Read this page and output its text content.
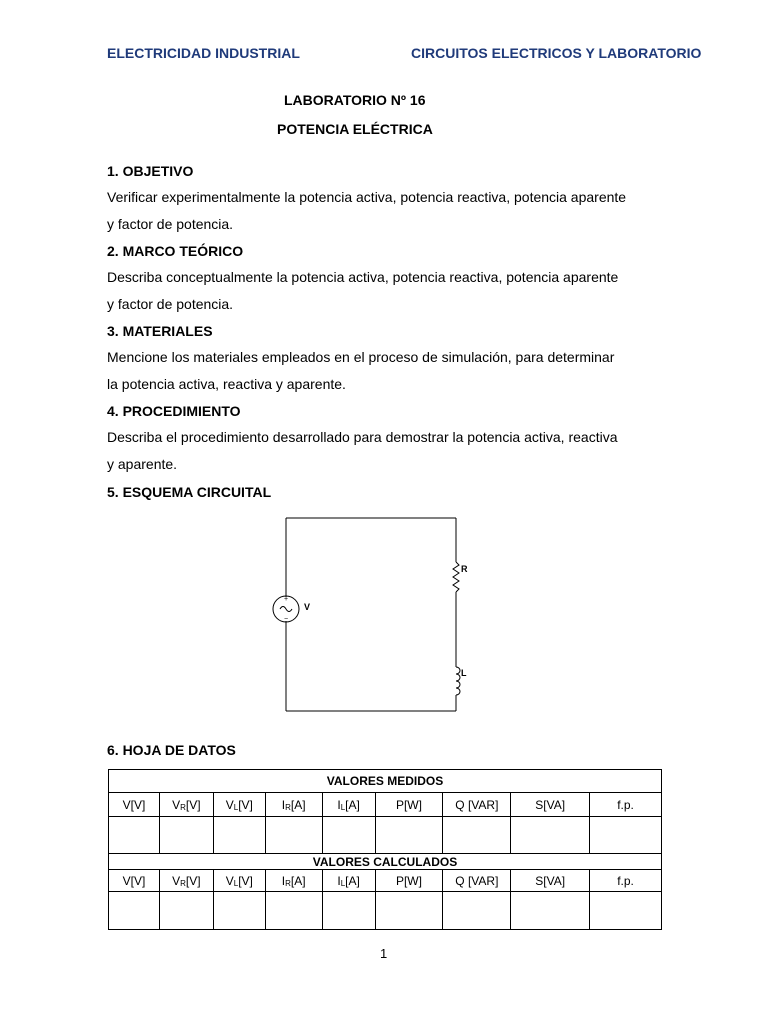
ELECTRICIDAD INDUSTRIAL	CIRCUITOS ELECTRICOS Y LABORATORIO
LABORATORIO Nº 16
POTENCIA ELÉCTRICA
1. OBJETIVO
Verificar experimentalmente la potencia activa, potencia reactiva, potencia aparente
y factor de potencia.
2. MARCO TEÓRICO
Describa conceptualmente la potencia activa, potencia reactiva, potencia aparente
y factor de potencia.
3. MATERIALES
Mencione los materiales empleados en el proceso de simulación, para determinar
la potencia activa, reactiva y aparente.
4. PROCEDIMIENTO
Describa el procedimiento desarrollado para demostrar la potencia activa, reactiva
y aparente.
5. ESQUEMA CIRCUITAL
+
−
V
R
L
6. HOJA DE DATOS
VALORES MEDIDOS								
V[V]	$V_R[V]$	$V_L[V]$	$I_R[A]$	$I_L[A]$	P[W]	Q [VAR]	S[VA]	f.p.

VALORES CALCULADOS								
V[V]	$V_R[V]$	$V_L[V]$	$I_R[A]$	$I_L[A]$	P[W]	Q [VAR]	S[VA]	f.p.

1
